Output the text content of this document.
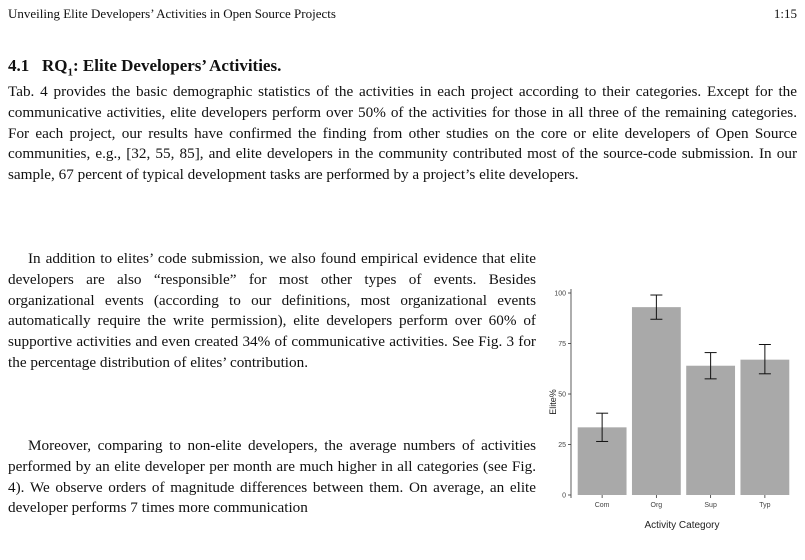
Unveiling Elite Developers’ Activities in Open Source Projects	1:15
4.1 $RQ_1$: Elite Developers’ Activities.

Tab. 4 provides the basic demographic statistics of the activities in each project according to their categories. Except for the communicative activities, elite developers perform over 50% of the activities for those in all three of the remaining categories. For each project, our results have confirmed the finding from other studies on the core or elite developers of Open Source communities, e.g., [32, 55, 85], and elite developers in the community contributed most of the source-code submission. In our sample, 67 percent of typical development tasks are performed by a project’s elite developers.

In addition to elites’ code submission, we also found empirical evidence that elite developers are also “responsible” for most other types of events. Besides organizational events (according to our definitions, most organizational events automatically require the write permission), elite developers perform over 60% of supportive activities and even created 34% of communicative activities. See Fig. 3 for the percentage distribution of elites’ contribution.

Moreover, comparing to non-elite developers, the average numbers of activities performed by an elite developer per month are much higher in all categories (see Fig. 4). We observe orders of magnitude differences between them. On average, an elite developer performs 7 times more communication

0
25
50
75
100
Com	Org	Sup	Typ
Activity Category
Elite%
